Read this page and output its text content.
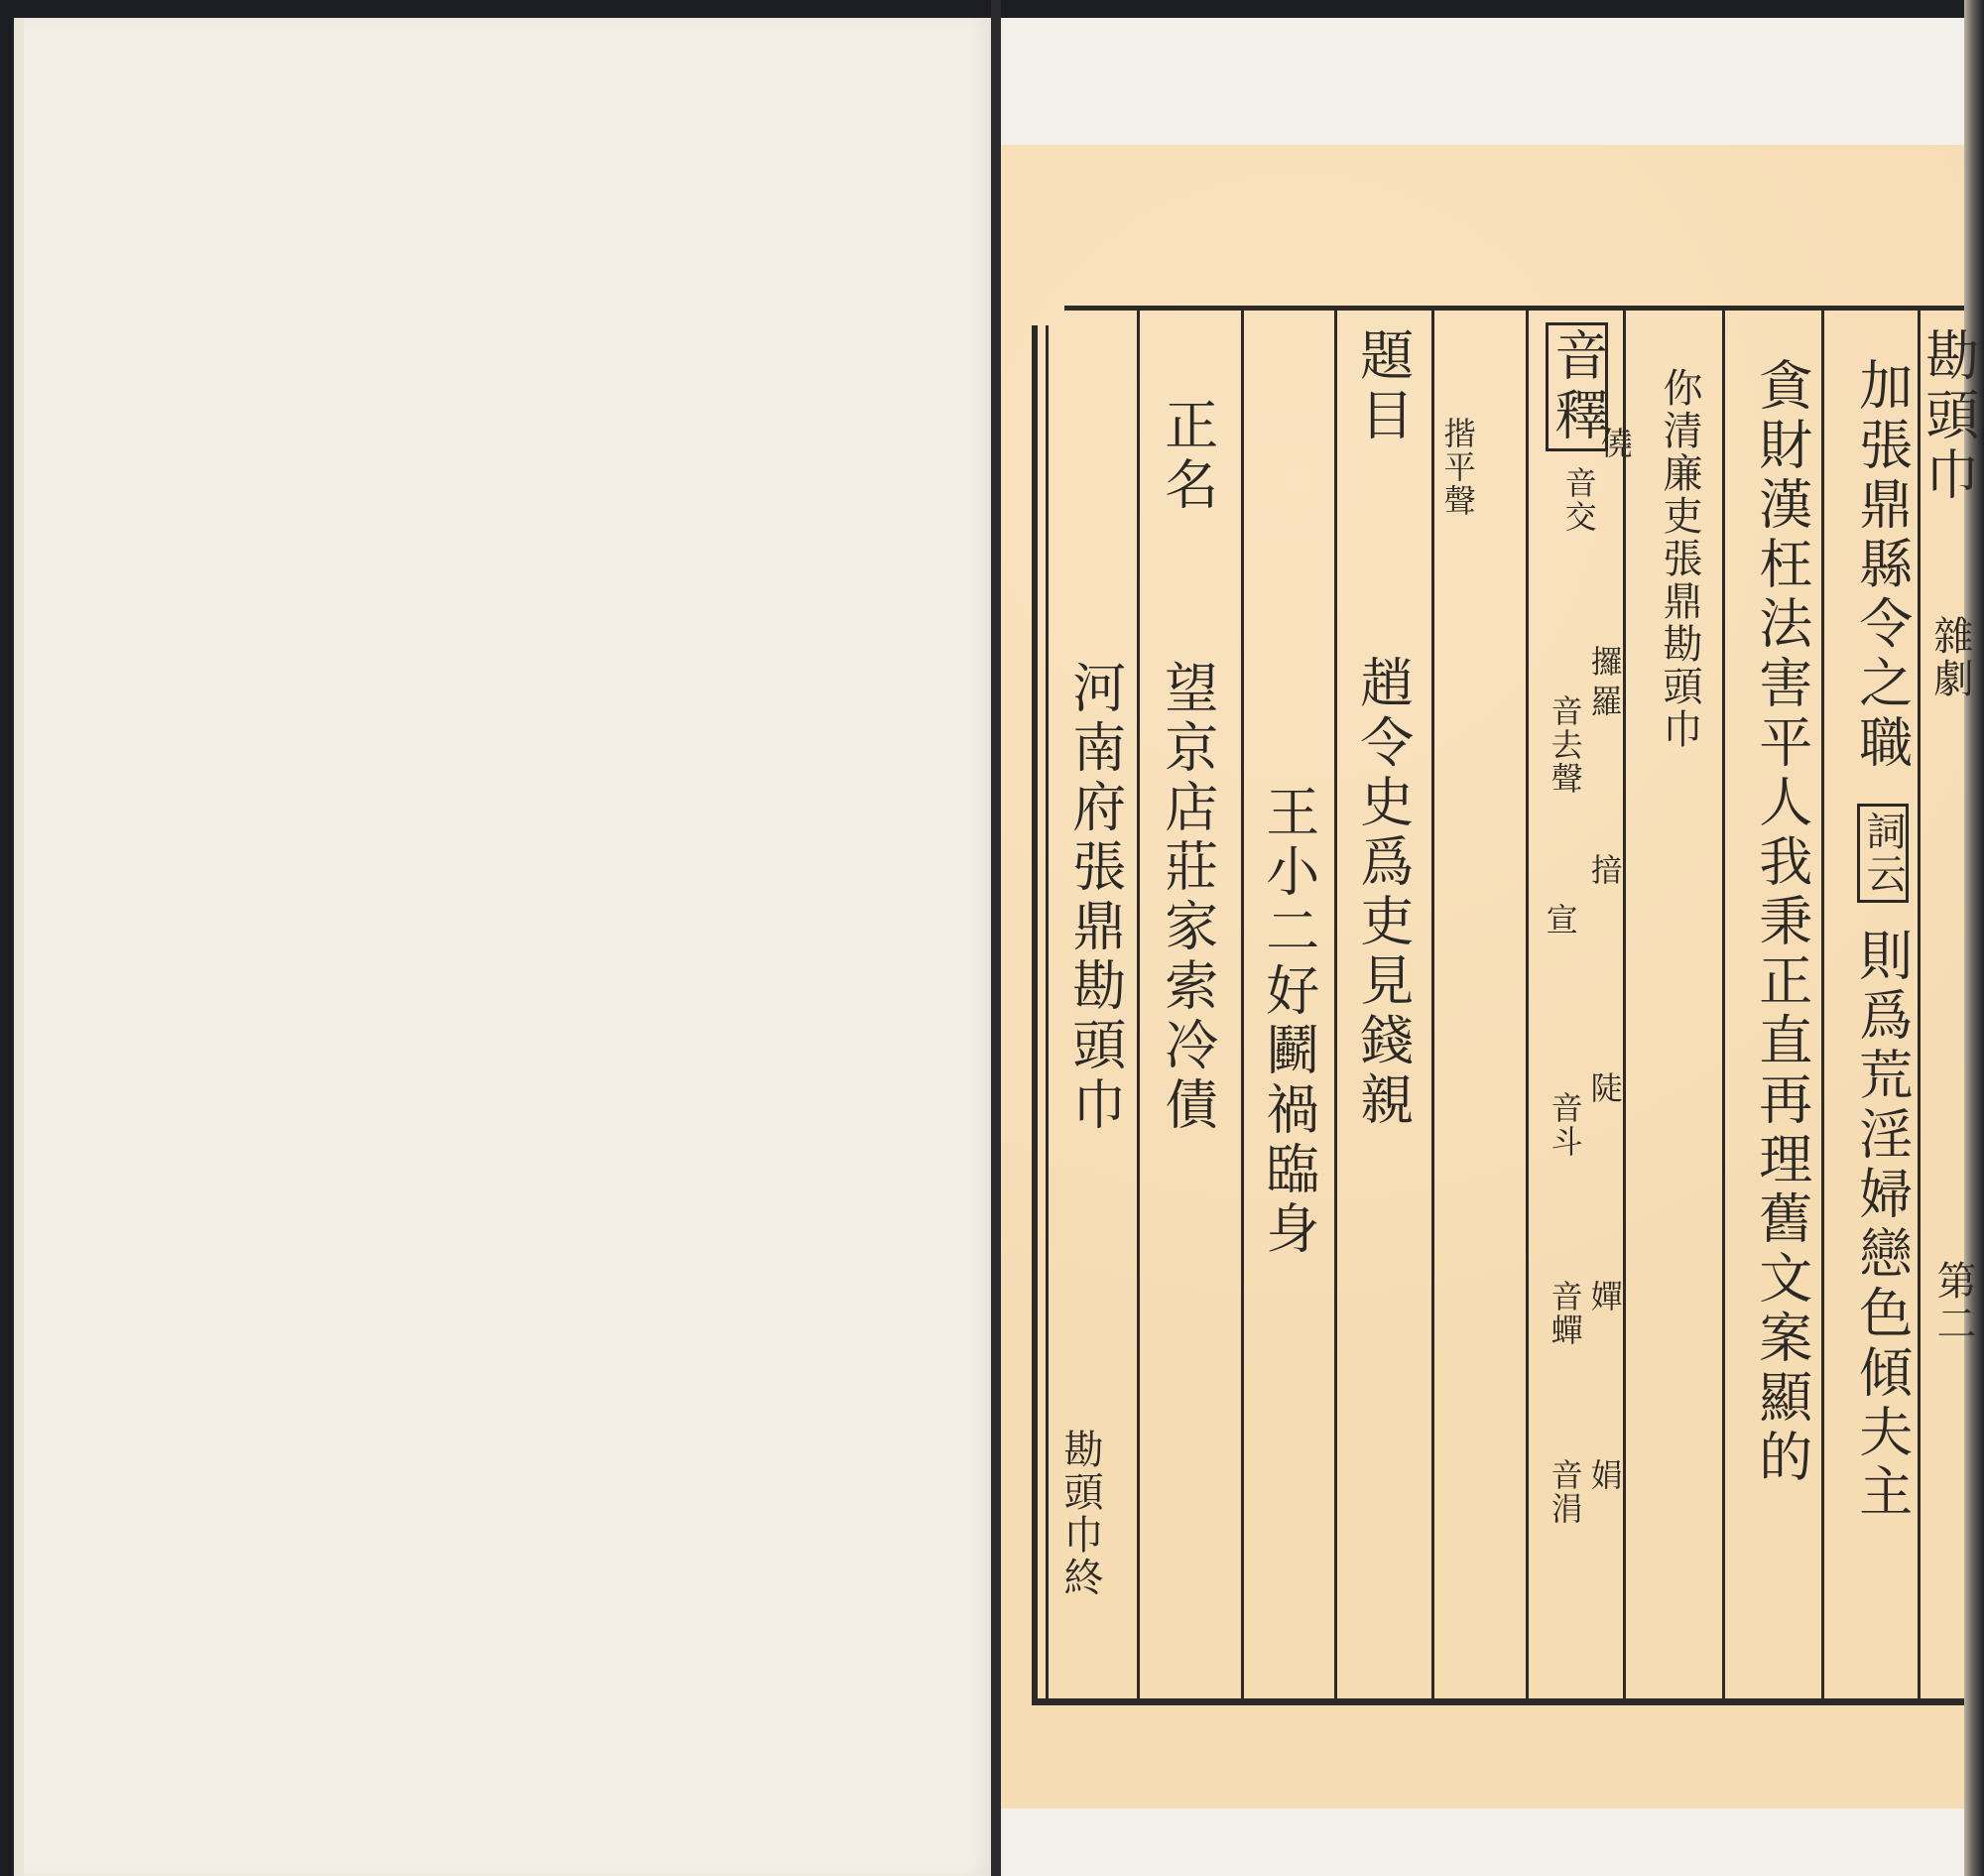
勘頭巾
雜劇
第二
加張鼎縣令之職
詞云
則爲荒淫婦戀色傾夫主
貪財漢枉法害平人我秉正直再理舊文案顯的
你清廉吏張鼎勘頭巾
音釋
僥
音交
攞
羅
揞
音去聲
陡
音斗
嬋
音蟬
娟
音涓
揩平聲
宣
題目
趙令史爲吏見錢親
王小二好鬬禍臨身
正名
望京店莊家索冷債
河南府張鼎勘頭巾
勘頭巾終
